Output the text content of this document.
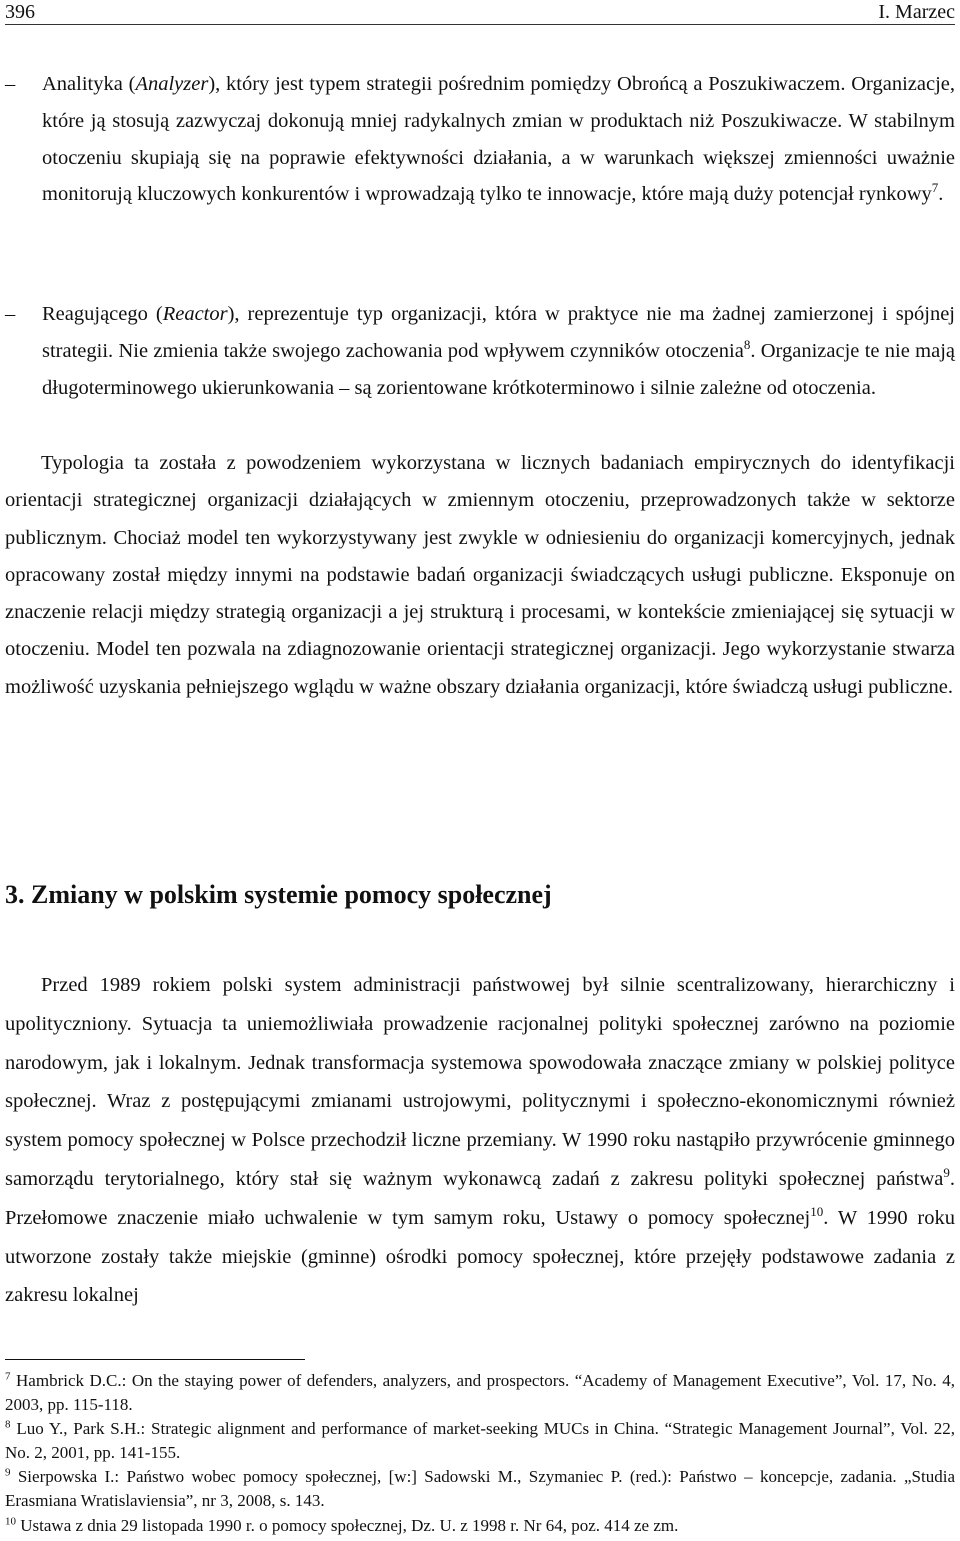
396	I. Marzec
–	Analityka (Analyzer), który jest typem strategii pośrednim pomiędzy Obrońcą a Poszukiwaczem. Organizacje, które ją stosują zazwyczaj dokonują mniej radykalnych zmian w produktach niż Poszukiwacze. W stabilnym otoczeniu skupiają się na poprawie efektywności działania, a w warunkach większej zmienności uważnie monitorują kluczowych konkurentów i wprowadzają tylko te innowacje, które mają duży potencjał rynkowy$^7$.
–	Reagującego (Reactor), reprezentuje typ organizacji, która w praktyce nie ma żadnej zamierzonej i spójnej strategii. Nie zmienia także swojego zachowania pod wpływem czynników otoczenia$^8$. Organizacje te nie mają długoterminowego ukierunkowania – są zorientowane krótkoterminowo i silnie zależne od otoczenia.
Typologia ta została z powodzeniem wykorzystana w licznych badaniach empirycznych do identyfikacji orientacji strategicznej organizacji działających w zmiennym otoczeniu, przeprowadzonych także w sektorze publicznym. Chociaż model ten wykorzystywany jest zwykle w odniesieniu do organizacji komercyjnych, jednak opracowany został między innymi na podstawie badań organizacji świadczących usługi publiczne. Eksponuje on znaczenie relacji między strategią organizacji a jej strukturą i procesami, w kontekście zmieniającej się sytuacji w otoczeniu. Model ten pozwala na zdiagnozowanie orientacji strategicznej organizacji. Jego wykorzystanie stwarza możliwość uzyskania pełniejszego wglądu w ważne obszary działania organizacji, które świadczą usługi publiczne.
3. Zmiany w polskim systemie pomocy społecznej
Przed 1989 rokiem polski system administracji państwowej był silnie scentralizowany, hierarchiczny i upolityczniony. Sytuacja ta uniemożliwiała prowadzenie racjonalnej polityki społecznej zarówno na poziomie narodowym, jak i lokalnym. Jednak transformacja systemowa spowodowała znaczące zmiany w polskiej polityce społecznej. Wraz z postępującymi zmianami ustrojowymi, politycznymi i społeczno-ekonomicznymi również system pomocy społecznej w Polsce przechodził liczne przemiany. W 1990 roku nastąpiło przywrócenie gminnego samorządu terytorialnego, który stał się ważnym wykonawcą zadań z zakresu polityki społecznej państwa$^9$. Przełomowe znaczenie miało uchwalenie w tym samym roku, Ustawy o pomocy społecznej$^{10}$. W 1990 roku utworzone zostały także miejskie (gminne) ośrodki pomocy społecznej, które przejęły podstawowe zadania z zakresu lokalnej

$^7$ Hambrick D.C.: On the staying power of defenders, analyzers, and prospectors. “Academy of Management Executive”, Vol. 17, No. 4, 2003, pp. 115-118.

$^8$ Luo Y., Park S.H.: Strategic alignment and performance of market-seeking MUCs in China. “Strategic Management Journal”, Vol. 22, No. 2, 2001, pp. 141-155.

$^9$ Sierpowska I.: Państwo wobec pomocy społecznej, [w:] Sadowski M., Szymaniec P. (red.): Państwo – koncepcje, zadania. „Studia Erasmiana Wratislaviensia”, nr 3, 2008, s. 143.

$^{10}$ Ustawa z dnia 29 listopada 1990 r. o pomocy społecznej, Dz. U. z 1998 r. Nr 64, poz. 414 ze zm.
